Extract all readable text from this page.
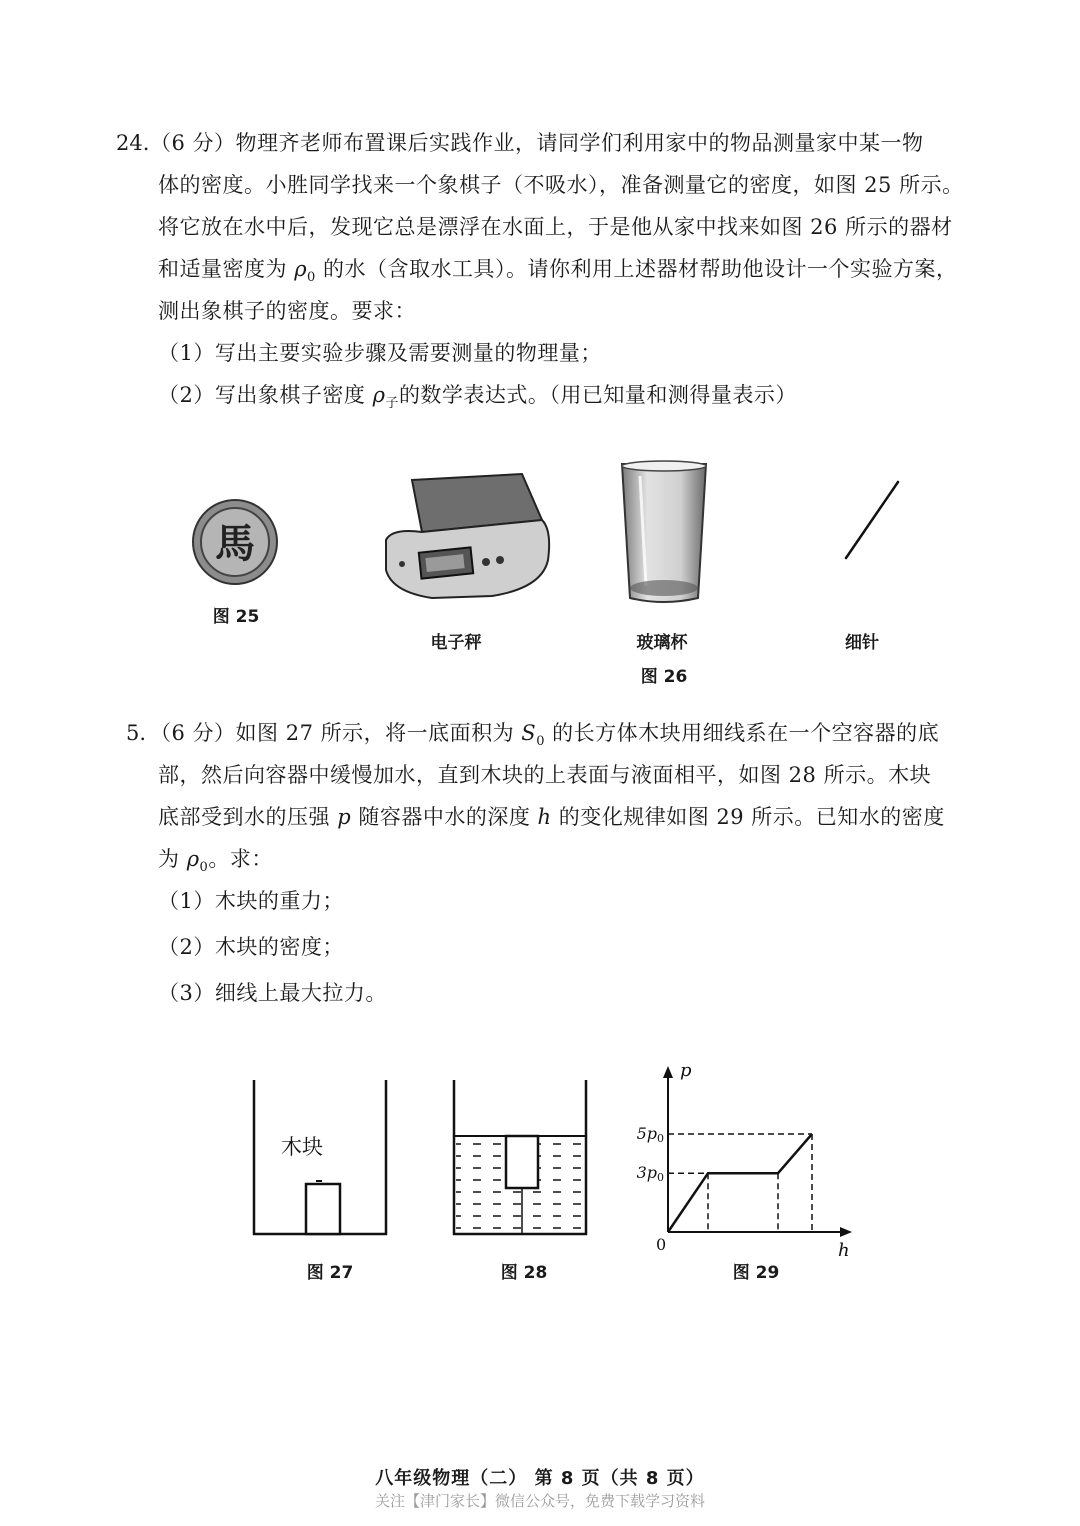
24. （6 分）物理齐老师布置课后实践作业，请同学们利用家中的物品测量家中某一物
体的密度。小胜同学找来一个象棋子（不吸水），准备测量它的密度，如图 25 所示。
将它放在水中后，发现它总是漂浮在水面上，于是他从家中找来如图 26 所示的器材
和适量密度为 $\rho_0$ 的水（含取水工具）。请你利用上述器材帮助他设计一个实验方案，
测出象棋子的密度。要求：
（1）写出主要实验步骤及需要测量的物理量；
（2）写出象棋子密度 $\rho_子$的数学表达式。（用已知量和测得量表示）
馬
图 25
电子秤	玻璃杯	细针
图 26
5. （6 分）如图 27 所示，将一底面积为 $S_0$ 的长方体木块用细线系在一个空容器的底
部，然后向容器中缓慢加水，直到木块的上表面与液面相平，如图 28 所示。木块
底部受到水的压强 p 随容器中水的深度 h 的变化规律如图 29 所示。已知水的密度
为 $\rho_0$。求：
（1）木块的重力；
（2）木块的密度；
（3）细线上最大拉力。
木块
图 27	图 28
p
h
0
5p0
3p0
图 29
八年级物理（二） 第 8 页（共 8 页）
关注【津门家长】微信公众号，免费下载学习资料
